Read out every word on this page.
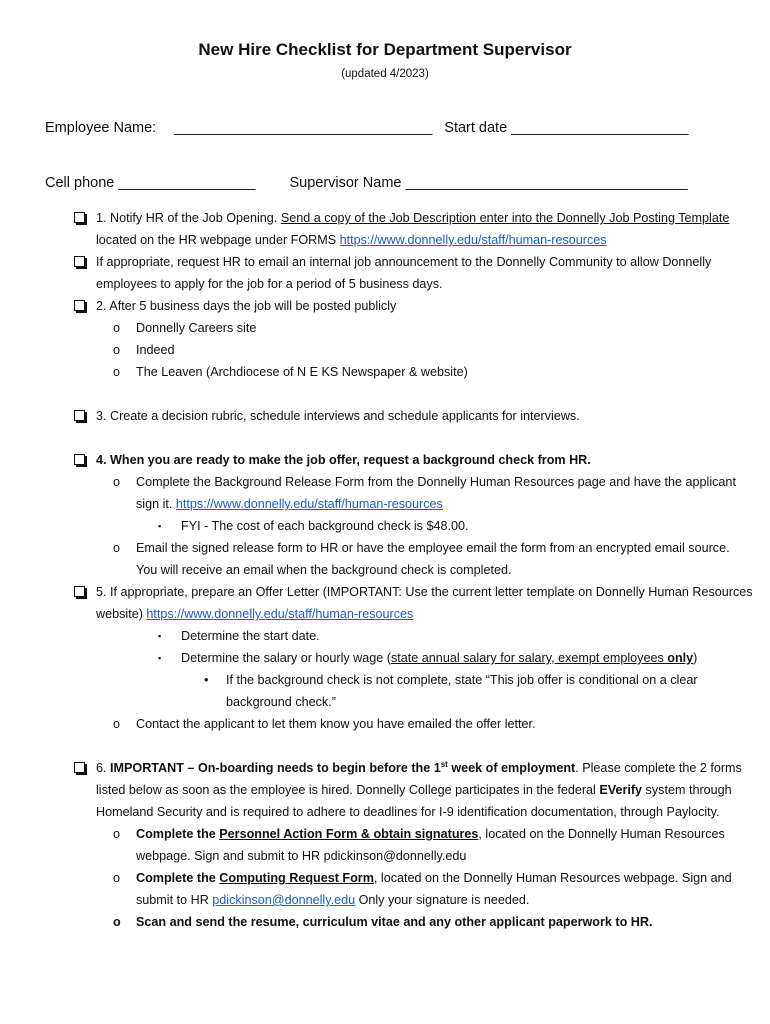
New Hire Checklist for Department Supervisor
(updated 4/2023)
Employee Name: ________________________________ Start date ______________________
Cell phone _________________ Supervisor Name ___________________________________
1. Notify HR of the Job Opening. Send a copy of the Job Description enter into the Donnelly Job Posting Template located on the HR webpage under FORMS https://www.donnelly.edu/staff/human-resources
If appropriate, request HR to email an internal job announcement to the Donnelly Community to allow Donnelly employees to apply for the job for a period of 5 business days.
2. After 5 business days the job will be posted publicly
o Donnelly Careers site
o Indeed
o The Leaven (Archdiocese of N E KS Newspaper & website)
3. Create a decision rubric, schedule interviews and schedule applicants for interviews.
4. When you are ready to make the job offer, request a background check from HR.
o Complete the Background Release Form from the Donnelly Human Resources page and have the applicant sign it. https://www.donnelly.edu/staff/human-resources
▪ FYI - The cost of each background check is $48.00.
o Email the signed release form to HR or have the employee email the form from an encrypted email source. You will receive an email when the background check is completed.
5. If appropriate, prepare an Offer Letter (IMPORTANT: Use the current letter template on Donnelly Human Resources website) https://www.donnelly.edu/staff/human-resources
▪ Determine the start date.
▪ Determine the salary or hourly wage (state annual salary for salary, exempt employees only)
• If the background check is not complete, state “This job offer is conditional on a clear background check.”
o Contact the applicant to let them know you have emailed the offer letter.
6. IMPORTANT – On-boarding needs to begin before the 1st week of employment. Please complete the 2 forms listed below as soon as the employee is hired. Donnelly College participates in the federal EVerify system through Homeland Security and is required to adhere to deadlines for I-9 identification documentation, through Paylocity.
o Complete the Personnel Action Form & obtain signatures, located on the Donnelly Human Resources webpage. Sign and submit to HR pdickinson@donnelly.edu
o Complete the Computing Request Form, located on the Donnelly Human Resources webpage. Sign and submit to HR pdickinson@donnelly.edu Only your signature is needed.
o Scan and send the resume, curriculum vitae and any other applicant paperwork to HR.
